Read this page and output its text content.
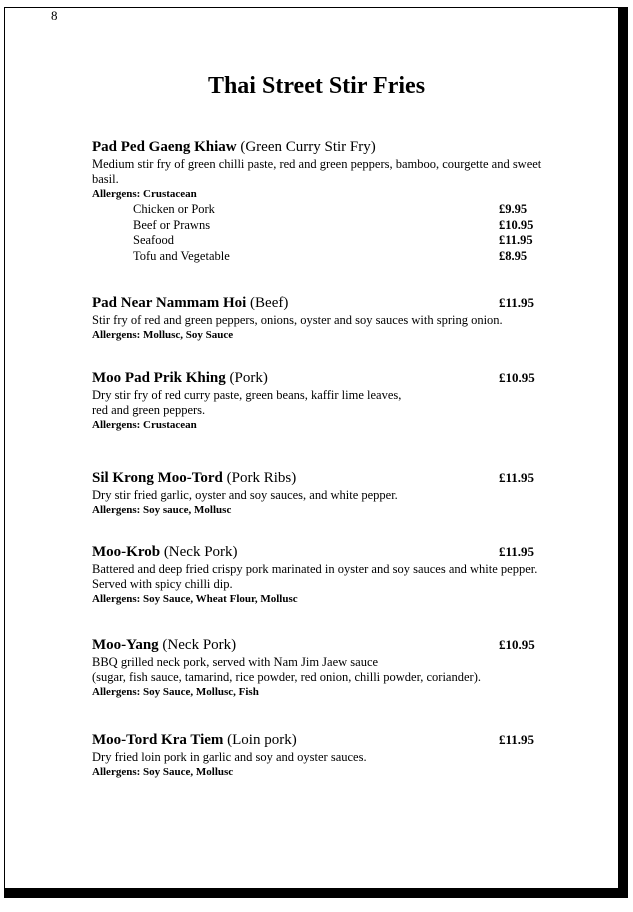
8
Thai Street Stir Fries
Pad Ped Gaeng Khiaw (Green Curry Stir Fry)
Medium stir fry of green chilli paste, red and green peppers, bamboo, courgette and sweet
basil.
Allergens: Crustacean
Chicken or Pork	£9.95
Beef or Prawns	£10.95
Seafood	£11.95
Tofu and Vegetable	£8.95
Pad Near Nammam Hoi (Beef)	£11.95
Stir fry of red and green peppers, onions, oyster and soy sauces with spring onion.
Allergens: Mollusc, Soy Sauce
Moo Pad Prik Khing (Pork)	£10.95
Dry stir fry of red curry paste, green beans, kaffir lime leaves,
red and green peppers.
Allergens: Crustacean
Sil Krong Moo-Tord (Pork Ribs)	£11.95
Dry stir fried garlic, oyster and soy sauces, and white pepper.
Allergens: Soy sauce, Mollusc
Moo-Krob (Neck Pork)	£11.95
Battered and deep fried crispy pork marinated in oyster and soy sauces and white pepper.
Served with spicy chilli dip.
Allergens: Soy Sauce, Wheat Flour, Mollusc
Moo-Yang (Neck Pork)	£10.95
BBQ grilled neck pork, served with Nam Jim Jaew sauce
(sugar, fish sauce, tamarind, rice powder, red onion, chilli powder, coriander).
Allergens: Soy Sauce, Mollusc, Fish
Moo-Tord Kra Tiem (Loin pork)	£11.95
Dry fried loin pork in garlic and soy and oyster sauces.
Allergens: Soy Sauce, Mollusc
